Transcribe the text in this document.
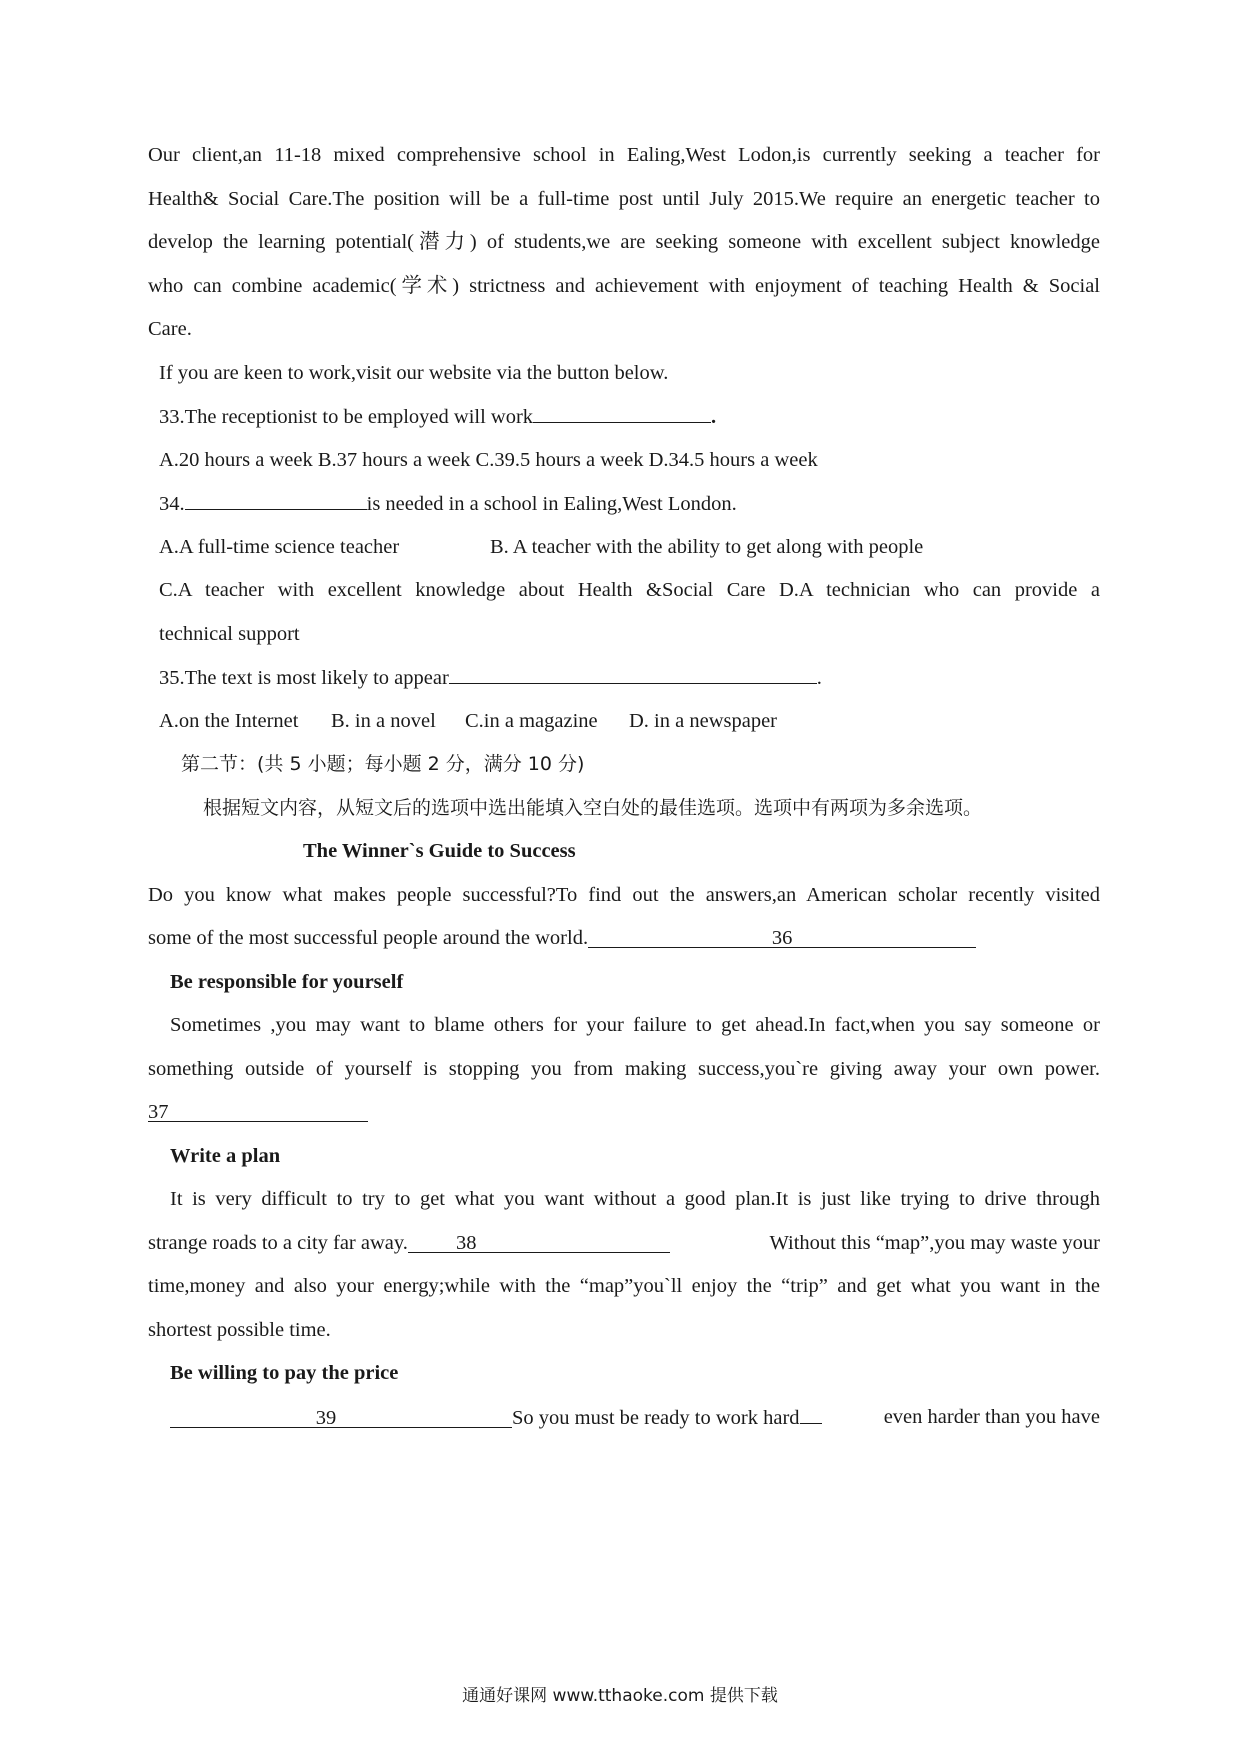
Our client,an 11-18 mixed comprehensive school in Ealing,West Lodon,is currently seeking a teacher for
Health& Social Care.The position will be a full-time post until July 2015.We require an energetic teacher to
develop the learning potential(潜力) of students,we are seeking someone with excellent subject knowledge
who can combine academic(学术) strictness and achievement with enjoyment of teaching Health & Social
Care.
If you are keen to work,visit our website via the button below.
33.The receptionist to be employed will work	.
A.20 hours a week B.37 hours a week C.39.5 hours a week D.34.5 hours a week
34.	is needed in a school in Ealing,West London.
A.A full-time science teacher	B. A teacher with the ability to get along with people
C.A teacher with excellent knowledge about Health &Social Care D.A technician who can provide a
technical support
35.The text is most likely to appear	.
A.on the Internet B. in a novel C.in a magazine D. in a newspaper
第二节：(共 5 小题；每小题 2 分，满分 10 分)
根据短文内容，从短文后的选项中选出能填入空白处的最佳选项。选项中有两项为多余选项。
The Winner`s Guide to Success
Do you know what makes people successful?To find out the answers,an American scholar recently visited
some of the most successful people around the world.	36
Be responsible for yourself
Sometimes ,you may want to blame others for your failure to get ahead.In fact,when you say someone or
something outside of yourself is stopping you from making success,you`re giving away your own power.
37
Write a plan
It is very difficult to try to get what you want without a good plan.It is just like trying to drive through
strange roads to a city far away. 38	Without this “map”,you may waste your
time,money and also your energy;while with the “map”you`ll enjoy the “trip” and get what you want in the
shortest possible time.
Be willing to pay the price
39	So you must be ready to work hard	even harder than you have
通通好课网 www.tthaoke.com 提供下载
